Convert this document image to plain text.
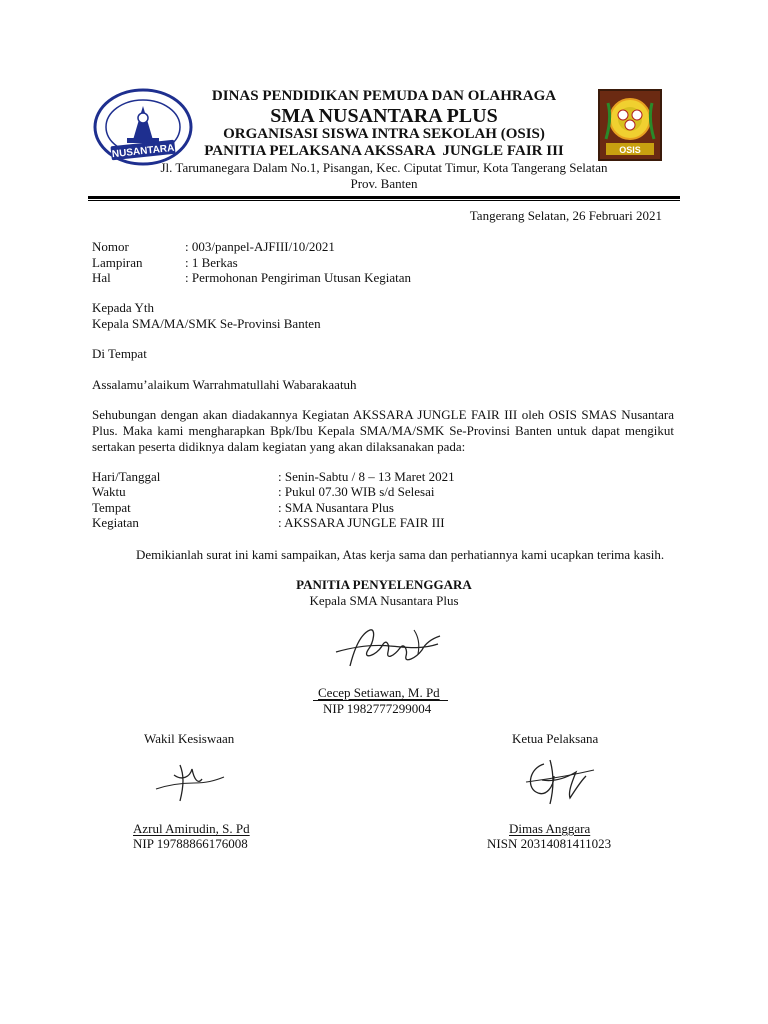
NUSANTARA	OSIS
DINAS PENDIDIKAN PEMUDA DAN OLAHRAGA
SMA NUSANTARA PLUS
ORGANISASI SISWA INTRA SEKOLAH (OSIS)
PANITIA PELAKSANA AKSSARA  JUNGLE FAIR III
Jl. Tarumanegara Dalam No.1, Pisangan, Kec. Ciputat Timur, Kota Tangerang Selatan
Prov. Banten
Tangerang Selatan, 26 Februari 2021
Nomor	: 003/panpel-AJFIII/10/2021
Lampiran	: 1 Berkas
Hal	: Permohonan Pengiriman Utusan Kegiatan
Kepada Yth
Kepala SMA/MA/SMK Se-Provinsi Banten
Di Tempat
Assalamu’alaikum Warrahmatullahi Wabarakaatuh

Sehubungan dengan akan diadakannya Kegiatan AKSSARA JUNGLE FAIR III oleh OSIS SMAS Nusantara Plus. Maka kami mengharapkan Bpk/Ibu Kepala SMA/MA/SMK Se-Provinsi Banten untuk dapat mengikut sertakan peserta didiknya dalam kegiatan yang akan dilaksanakan pada:

Hari/Tanggal	: Senin-Sabtu / 8 – 13 Maret 2021
Waktu	: Pukul 07.30 WIB s/d Selesai
Tempat	: SMA Nusantara Plus
Kegiatan	: AKSSARA JUNGLE FAIR III

Demikianlah surat ini kami sampaikan, Atas kerja sama dan perhatiannya kami ucapkan terima kasih.

PANITIA PENYELENGGARA
Kepala SMA Nusantara Plus
Cecep Setiawan, M. Pd
NIP 1982777299004
Wakil Kesiswaan
Azrul Amirudin, S. Pd
NIP 19788866176008
Ketua Pelaksana
Dimas Anggara
NISN 20314081411023
